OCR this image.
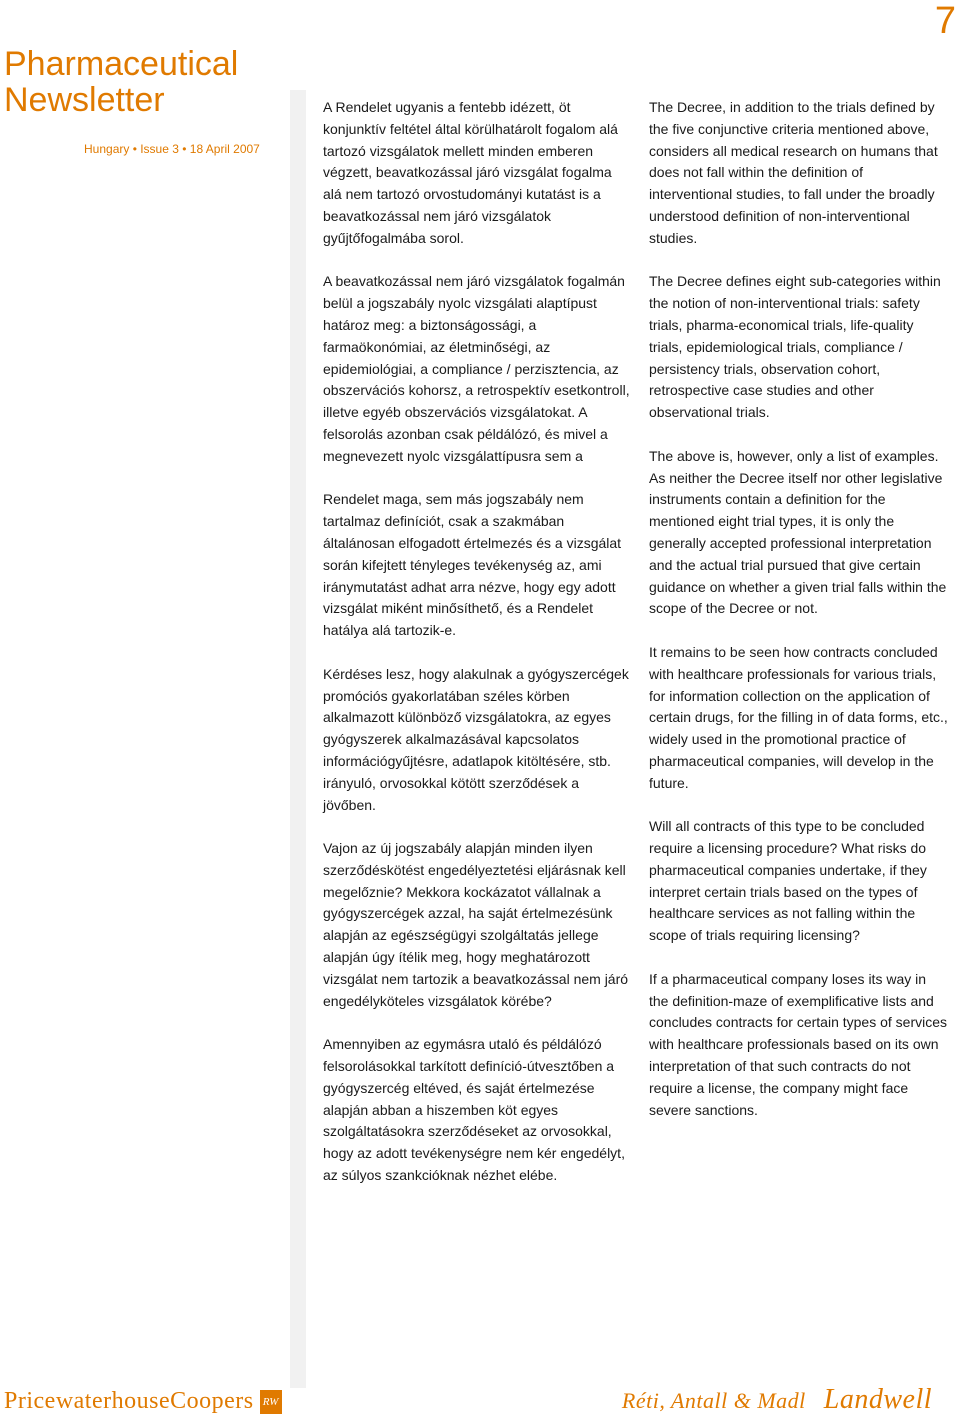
7
Pharmaceutical
Newsletter
Hungary • Issue 3 • 18 April 2007

A Rendelet ugyanis a fentebb idézett, öt konjunktív feltétel által körülhatárolt fogalom alá tartozó vizsgálatok mellett minden emberen végzett, beavatkozással járó vizsgálat fogalma alá nem tartozó orvostudományi kutatást is a beavatkozással nem járó vizsgálatok gyűjtőfogalmába sorol.

A beavatkozással nem járó vizsgálatok fogalmán belül a jogszabály nyolc vizsgálati alaptípust határoz meg: a biztonságossági, a farmaökonómiai, az életminőségi, az epidemiológiai, a compliance / perzisztencia, az obszervációs kohorsz, a retrospektív esetkontroll, illetve egyéb obszervációs vizsgálatokat. A felsorolás azonban csak példálózó, és mivel a megnevezett nyolc vizsgálattípusra sem a

Rendelet maga, sem más jogszabály nem tartalmaz definíciót, csak a szakmában általánosan elfogadott értelmezés és a vizsgálat során kifejtett tényleges tevékenység az, ami iránymutatást adhat arra nézve, hogy egy adott vizsgálat miként minősíthető, és a Rendelet hatálya alá tartozik-e.

Kérdéses lesz, hogy alakulnak a gyógyszercégek promóciós gyakorlatában széles körben alkalmazott különböző vizsgálatokra, az egyes gyógyszerek alkalmazásával kapcsolatos információgyűjtésre, adatlapok kitöltésére, stb. irányuló, orvosokkal kötött szerződések a jövőben.

Vajon az új jogszabály alapján minden ilyen szerződéskötést engedélyeztetési eljárásnak kell megelőznie? Mekkora kockázatot vállalnak a gyógyszercégek azzal, ha saját értelmezésünk alapján az egészségügyi szolgáltatás jellege alapján úgy ítélik meg, hogy meghatározott vizsgálat nem tartozik a beavatkozással nem járó engedélyköteles vizsgálatok körébe?

Amennyiben az egymásra utaló és példálózó felsorolásokkal tarkított definíció-útvesztőben a gyógyszercég eltéved, és saját értelmezése alapján abban a hiszemben köt egyes szolgáltatásokra szerződéseket az orvosokkal, hogy az adott tevékenységre nem kér engedélyt, az súlyos szankcióknak nézhet elébe.

The Decree, in addition to the trials defined by the five conjunctive criteria mentioned above, considers all medical research on humans that does not fall within the definition of interventional studies, to fall under the broadly understood definition of non-interventional studies.

The Decree defines eight sub-categories within the notion of non-interventional trials: safety trials, pharma-economical trials, life-quality trials, epidemiological trials, compliance / persistency trials, observation cohort, retrospective case studies and other observational trials.

The above is, however, only a list of examples. As neither the Decree itself nor other legislative instruments contain a definition for the mentioned eight trial types, it is only the generally accepted professional interpretation and the actual trial pursued that give certain guidance on whether a given trial falls within the scope of the Decree or not.

It remains to be seen how contracts concluded with healthcare professionals for various trials, for information collection on the application of certain drugs, for the filling in of data forms, etc., widely used in the promotional practice of pharmaceutical companies, will develop in the future.

Will all contracts of this type to be concluded require a licensing procedure? What risks do pharmaceutical companies undertake, if they interpret certain trials based on the types of healthcare services as not falling within the scope of trials requiring licensing?

If a pharmaceutical company loses its way in the definition-maze of exemplificative lists and concludes contracts for certain types of services with healthcare professionals based on its own interpretation of that such contracts do not require a license, the company might face severe sanctions.

PricewaterhouseCoopers RW	Réti, Antall & Madl Landwell
